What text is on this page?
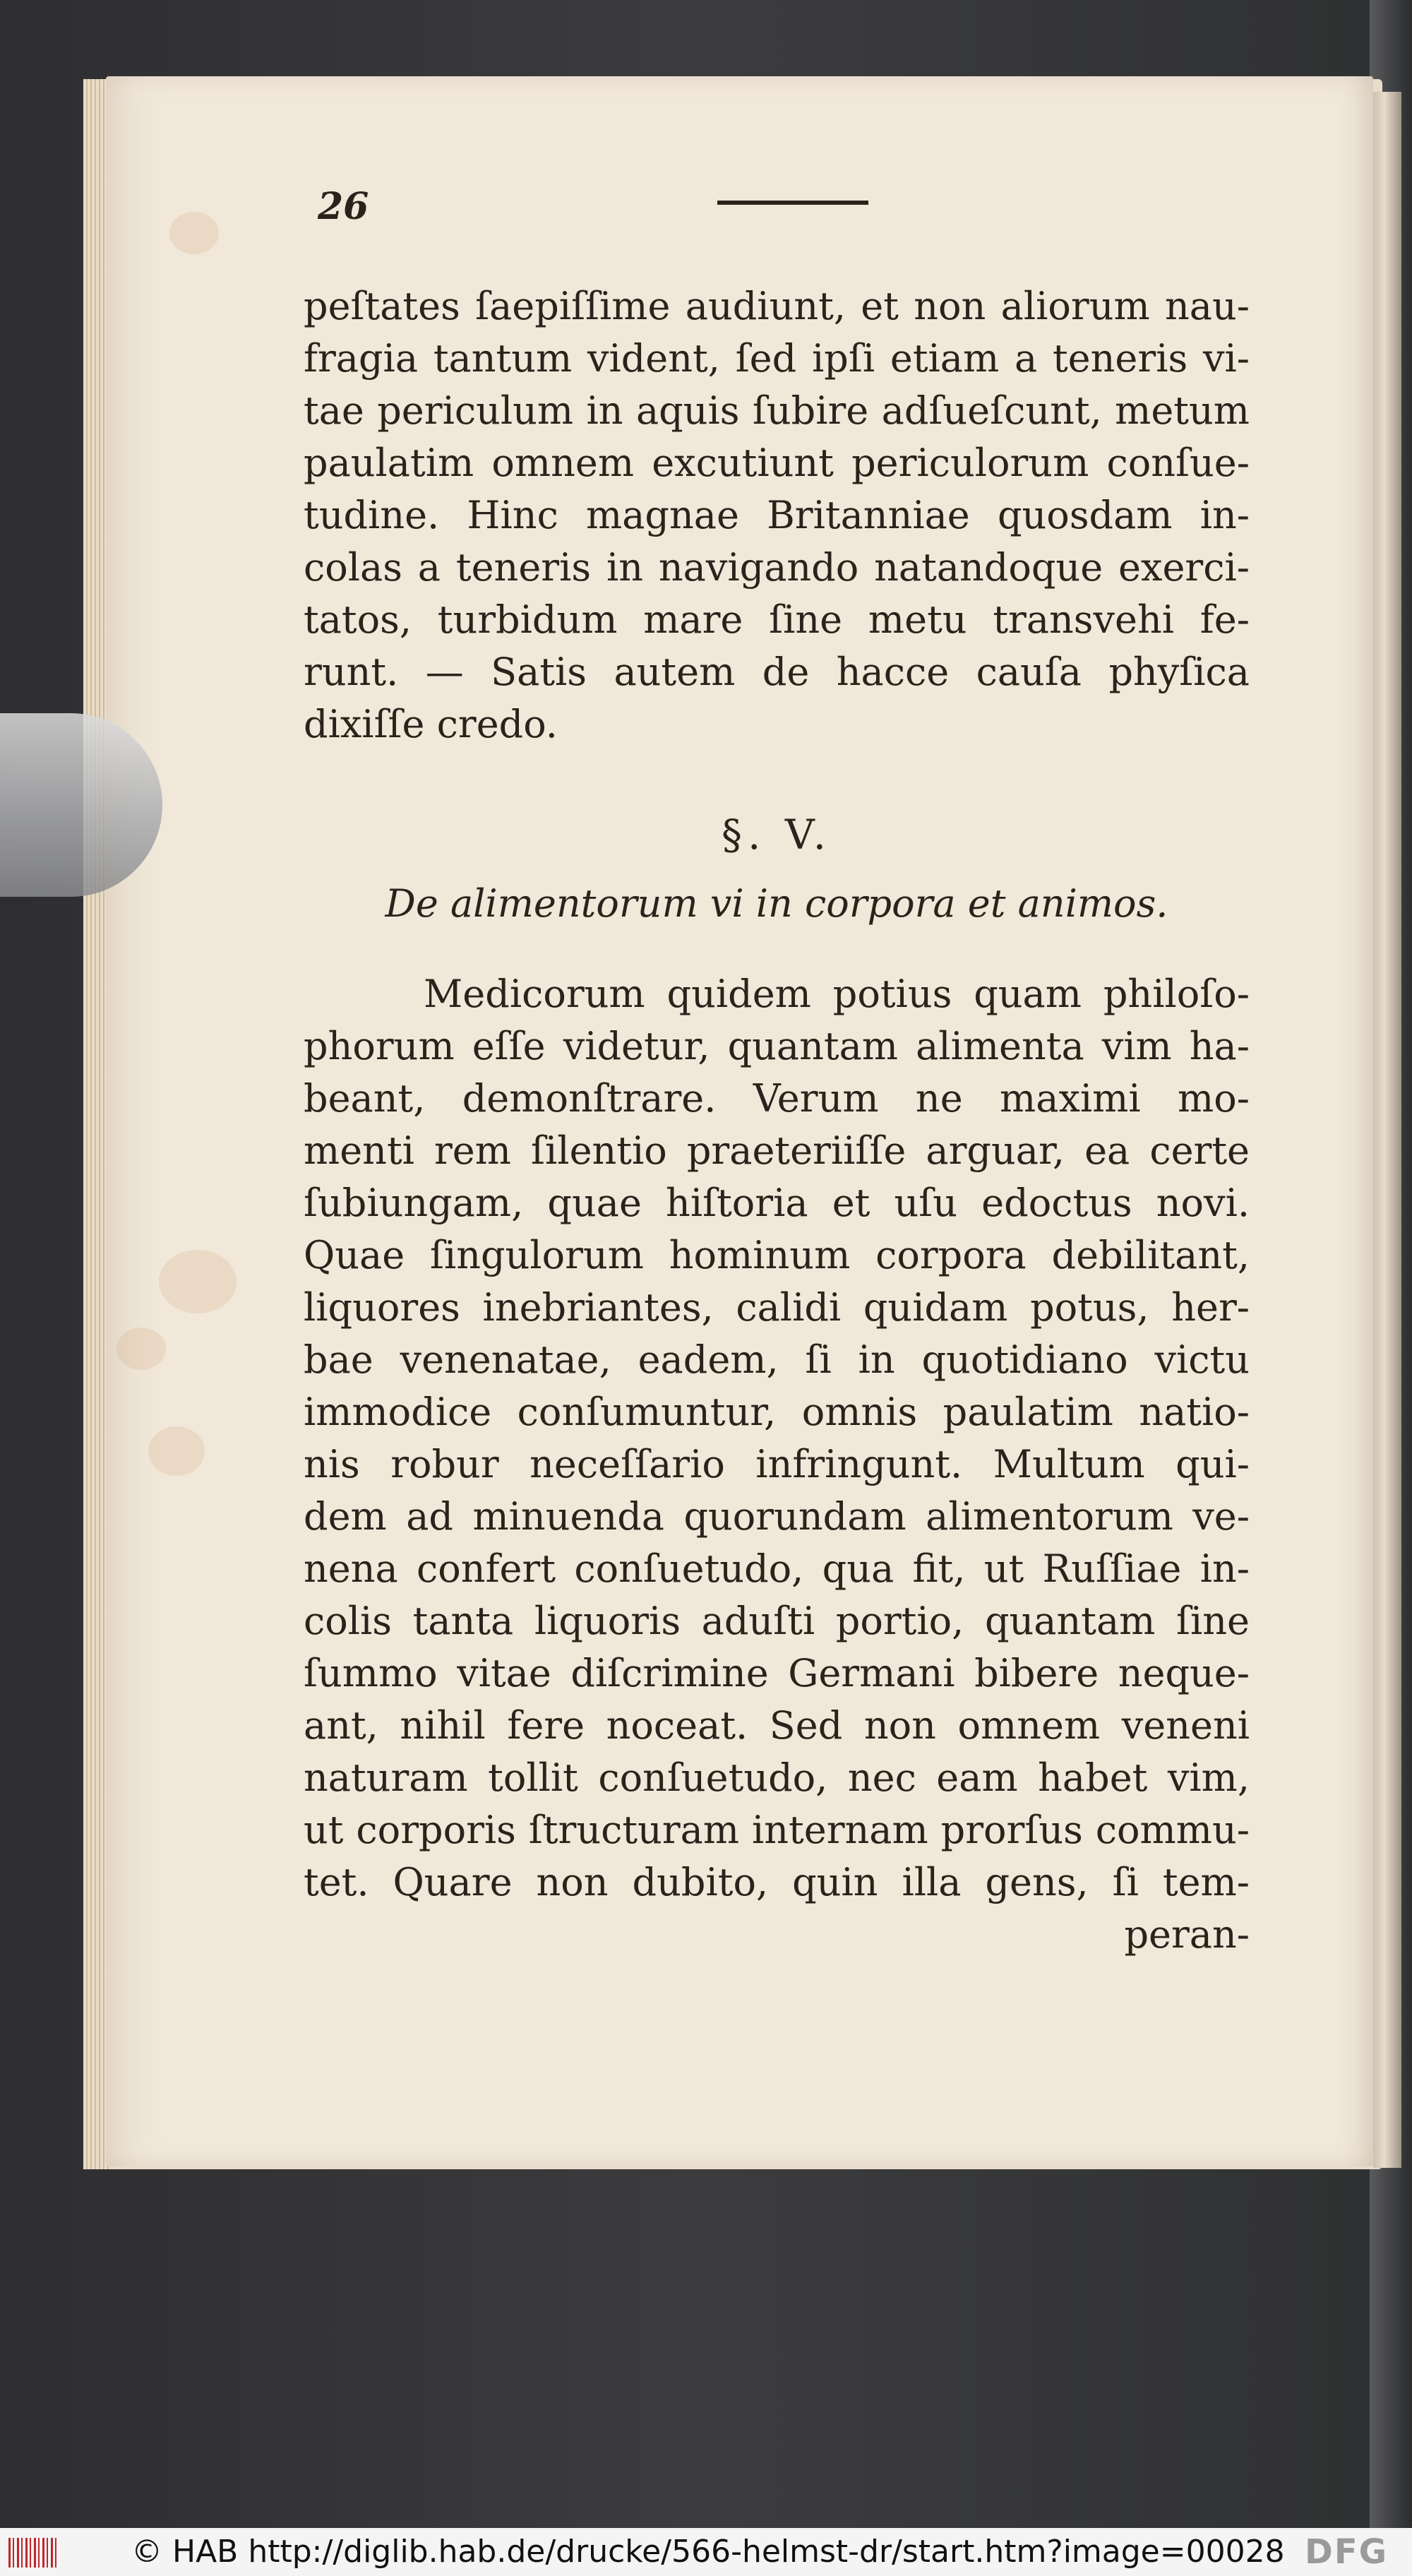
26
peſtates ſaepiſſime audiunt, et non aliorum nau-
fragia tantum vident, ſed ipſi etiam a teneris vi-
tae periculum in aquis ſubire adſueſcunt, metum
paulatim omnem excutiunt periculorum conſue-
tudine. Hinc magnae Britanniae quosdam in-
colas a teneris in navigando natandoque exerci-
tatos, turbidum mare ſine metu transvehi fe-
runt. — Satis autem de hacce cauſa phyſica
dixiſſe credo.
§. V.
De alimentorum vi in corpora et animos.
Medicorum quidem potius quam philoſo-
phorum eſſe videtur, quantam alimenta vim ha-
beant, demonſtrare. Verum ne maximi mo-
menti rem ſilentio praeteriiſſe arguar, ea certe
ſubiungam, quae hiſtoria et uſu edoctus novi.
Quae ſingulorum hominum corpora debilitant,
liquores inebriantes, calidi quidam potus, her-
bae venenatae, eadem, ſi in quotidiano victu
immodice conſumuntur, omnis paulatim natio-
nis robur neceſſario infringunt. Multum qui-
dem ad minuenda quorundam alimentorum ve-
nena confert conſuetudo, qua fit, ut Ruſſiae in-
colis tanta liquoris aduſti portio, quantam ſine
ſummo vitae diſcrimine Germani bibere neque-
ant, nihil fere noceat. Sed non omnem veneni
naturam tollit conſuetudo, nec eam habet vim,
ut corporis ſtructuram internam prorſus commu-
tet. Quare non dubito, quin illa gens, ſi tem-
peran-
© HAB http://diglib.hab.de/drucke/566-helmst-dr/start.htm?image=00028 DFG
